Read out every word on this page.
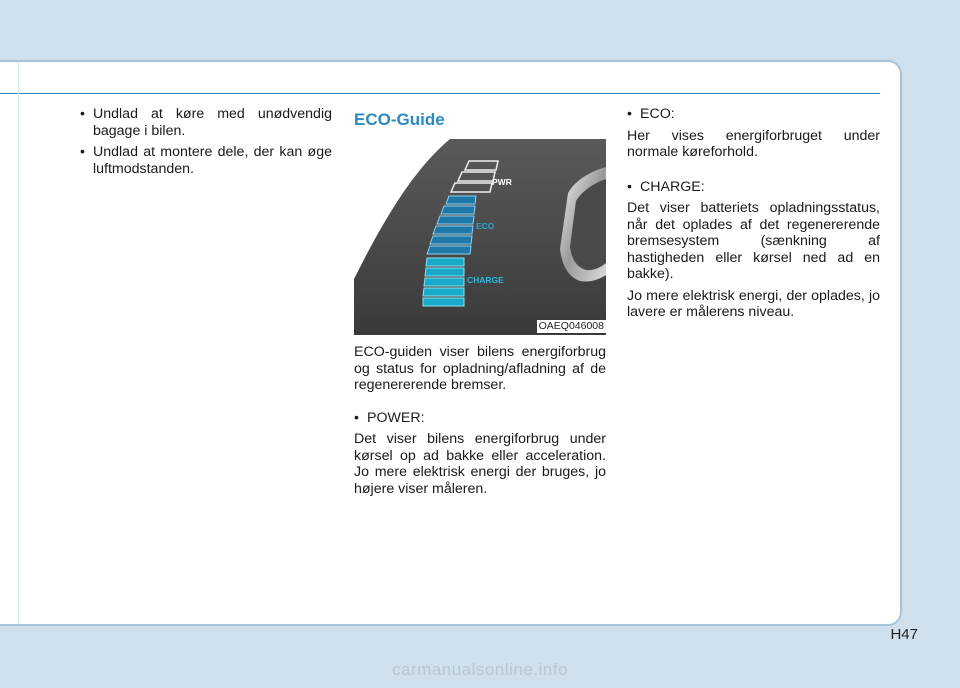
• Undlad at køre med unødvendig bagage i bilen.

• Undlad at montere dele, der kan øge luftmodstanden.

ECO-Guide
PWR
ECO
CHARGE
OAEQ046008

ECO-guiden viser bilens energiforbrug og status for opladning/afladning af de regenererende bremser.

• POWER:

Det viser bilens energiforbrug under kørsel op ad bakke eller acceleration. Jo mere elektrisk energi der bruges, jo højere viser måleren.

• ECO:

Her vises energiforbruget under normale køreforhold.

• CHARGE:

Det viser batteriets opladningsstatus, når det oplades af det regenererende bremsesystem (sænkning af hastigheden eller kørsel ned ad en bakke).

Jo mere elektrisk energi, der oplades, jo lavere er målerens niveau.

H47
carmanualsonline.info
